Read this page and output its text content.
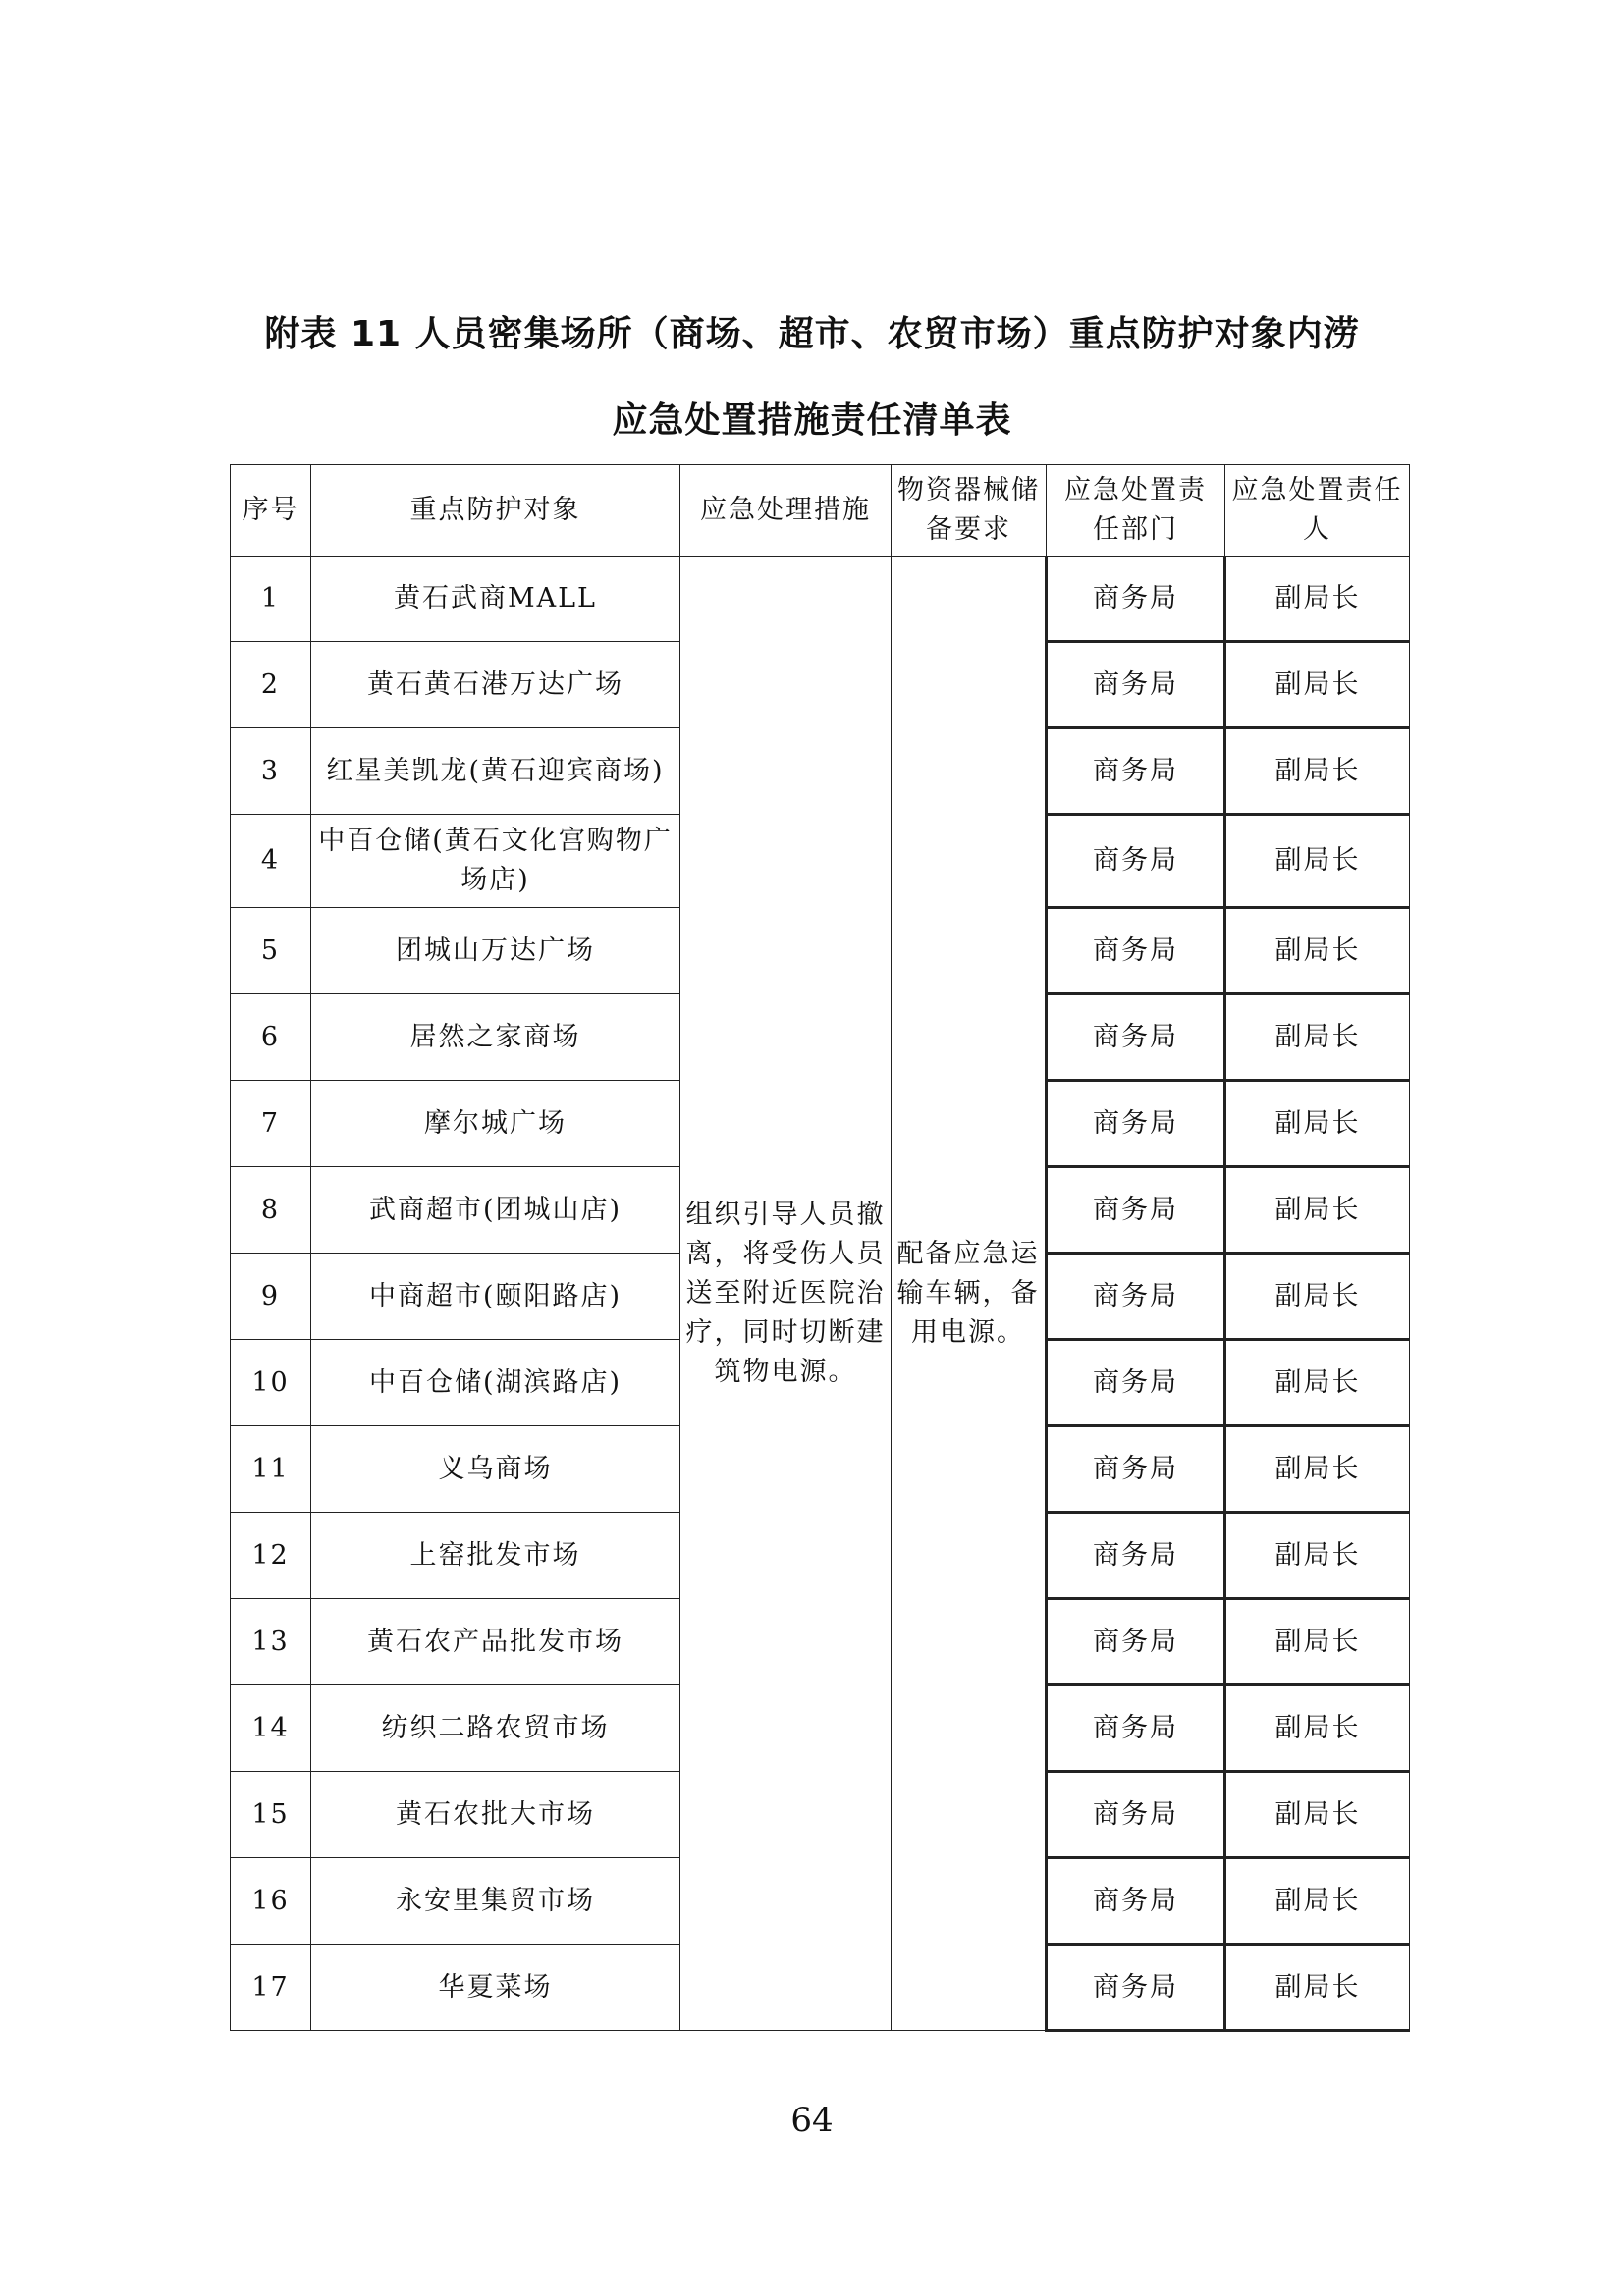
附表 11 人员密集场所（商场、超市、农贸市场）重点防护对象内涝
应急处置措施责任清单表
序号	重点防护对象	应急处理措施	物资器械储备要求	应急处置责任部门	应急处置责任人
1	黄石武商MALL	组织引导人员撤离，将受伤人员送至附近医院治疗，同时切断建筑物电源。	配备应急运输车辆，备用电源。	商务局	副局长
2	黄石黄石港万达广场			商务局	副局长
3	红星美凯龙(黄石迎宾商场)			商务局	副局长
4	中百仓储(黄石文化宫购物广场店)			商务局	副局长
5	团城山万达广场			商务局	副局长
6	居然之家商场			商务局	副局长
7	摩尔城广场			商务局	副局长
8	武商超市(团城山店)			商务局	副局长
9	中商超市(颐阳路店)			商务局	副局长
10	中百仓储(湖滨路店)			商务局	副局长
11	义乌商场			商务局	副局长
12	上窑批发市场			商务局	副局长
13	黄石农产品批发市场			商务局	副局长
14	纺织二路农贸市场			商务局	副局长
15	黄石农批大市场			商务局	副局长
16	永安里集贸市场			商务局	副局长
17	华夏菜场			商务局	副局长
64
